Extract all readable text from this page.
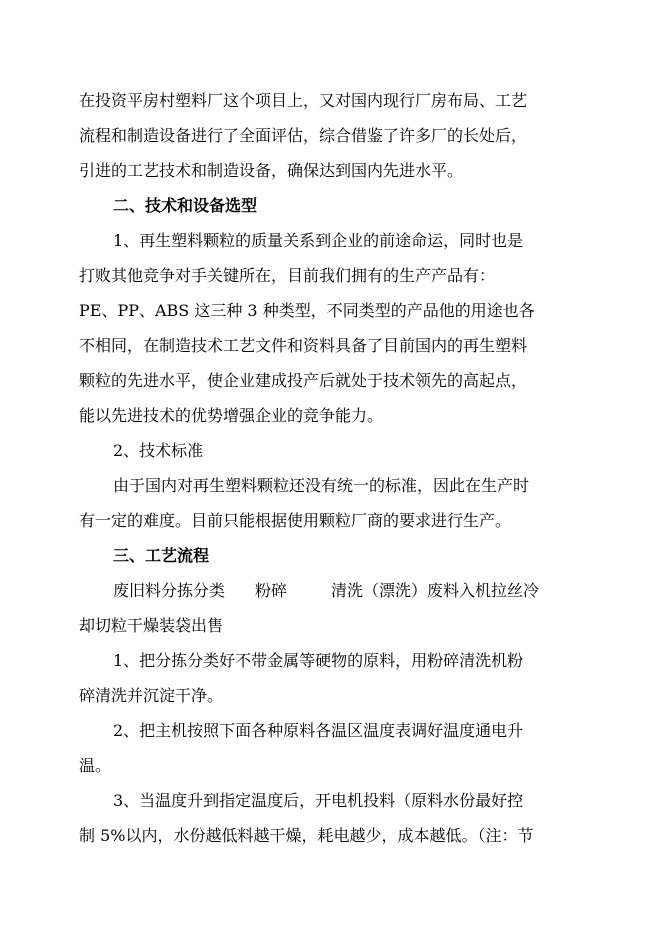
在投资平房村塑料厂这个项目上，又对国内现行厂房布局、工艺
流程和制造设备进行了全面评估，综合借鉴了许多厂的长处后，
引进的工艺技术和制造设备，确保达到国内先进水平。
二、技术和设备选型
1、再生塑料颗粒的质量关系到企业的前途命运，同时也是
打败其他竞争对手关键所在，目前我们拥有的生产产品有：
PE、PP、ABS 这三种 3 种类型，不同类型的产品他的用途也各
不相同，在制造技术工艺文件和资料具备了目前国内的再生塑料
颗粒的先进水平，使企业建成投产后就处于技术领先的高起点，
能以先进技术的优势增强企业的竞争能力。
2、技术标准
由于国内对再生塑料颗粒还没有统一的标准，因此在生产时
有一定的难度。目前只能根据使用颗粒厂商的要求进行生产。
三、工艺流程
废旧料分拣分类 粉碎	清洗（漂洗）废料入机拉丝冷
却切粒干燥装袋出售
1、把分拣分类好不带金属等硬物的原料，用粉碎清洗机粉
碎清洗并沉淀干净。
2、把主机按照下面各种原料各温区温度表调好温度通电升
温。
3、当温度升到指定温度后，开电机投料（原料水份最好控
制 5%以内，水份越低料越干燥，耗电越少，成本越低。（注：节
